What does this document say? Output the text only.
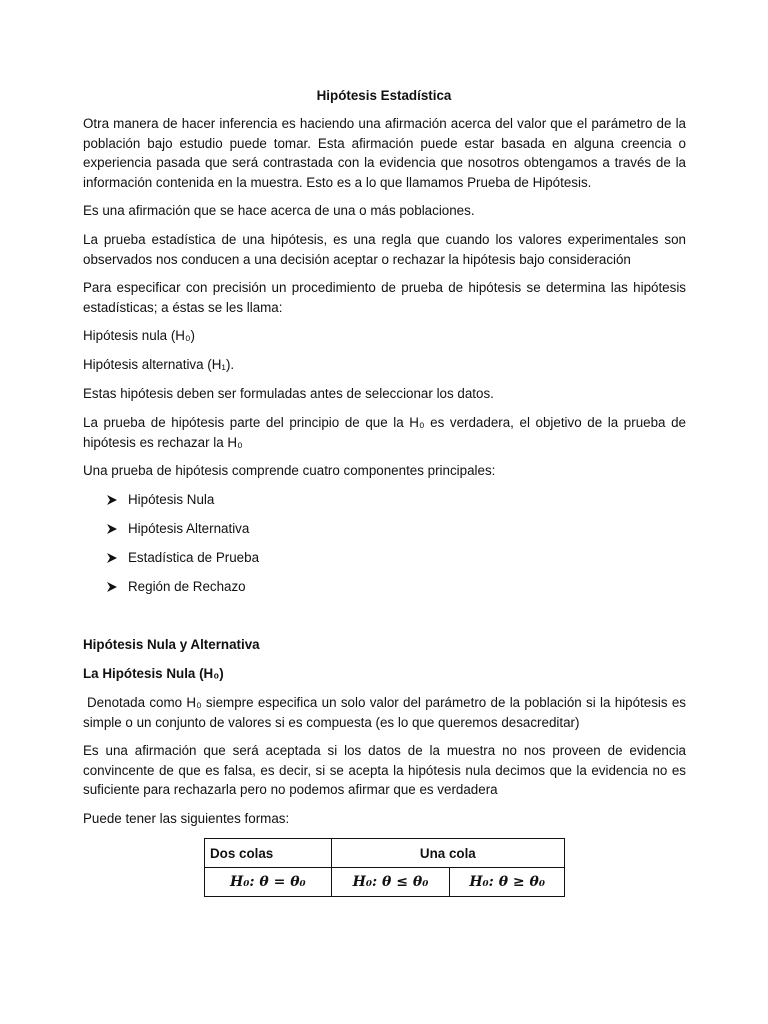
Hipótesis Estadística
Otra manera de hacer inferencia es haciendo una afirmación acerca del valor que el parámetro de la población bajo estudio puede tomar. Esta afirmación puede estar basada en alguna creencia o experiencia pasada que será contrastada con la evidencia que nosotros obtengamos a través de la información contenida en la muestra. Esto es a lo que llamamos Prueba de Hipótesis.
Es una afirmación que se hace acerca de una o más poblaciones.
La prueba estadística de una hipótesis, es una regla que cuando los valores experimentales son observados nos conducen a una decisión aceptar o rechazar la hipótesis bajo consideración
Para especificar con precisión un procedimiento de prueba de hipótesis se determina las hipótesis estadísticas; a éstas se les llama:
Hipótesis nula (H₀)
Hipótesis alternativa (H₁).
Estas hipótesis deben ser formuladas antes de seleccionar los datos.
La prueba de hipótesis parte del principio de que la H₀ es verdadera, el objetivo de la prueba de hipótesis es rechazar la H₀
Una prueba de hipótesis comprende cuatro componentes principales:
Hipótesis Nula
Hipótesis Alternativa
Estadística de Prueba
Región de Rechazo
Hipótesis Nula y Alternativa
La Hipótesis Nula (H₀)
Denotada como H₀ siempre especifica un solo valor del parámetro de la población si la hipótesis es simple o un conjunto de valores si es compuesta (es lo que queremos desacreditar)
Es una afirmación que será aceptada si los datos de la muestra no nos proveen de evidencia convincente de que es falsa, es decir, si se acepta la hipótesis nula decimos que la evidencia no es suficiente para rechazarla pero no podemos afirmar que es verdadera
Puede tener las siguientes formas:
Dos colas	Una cola	
H₀: θ = θ₀	H₀: θ ≤ θ₀	H₀: θ ≥ θ₀
